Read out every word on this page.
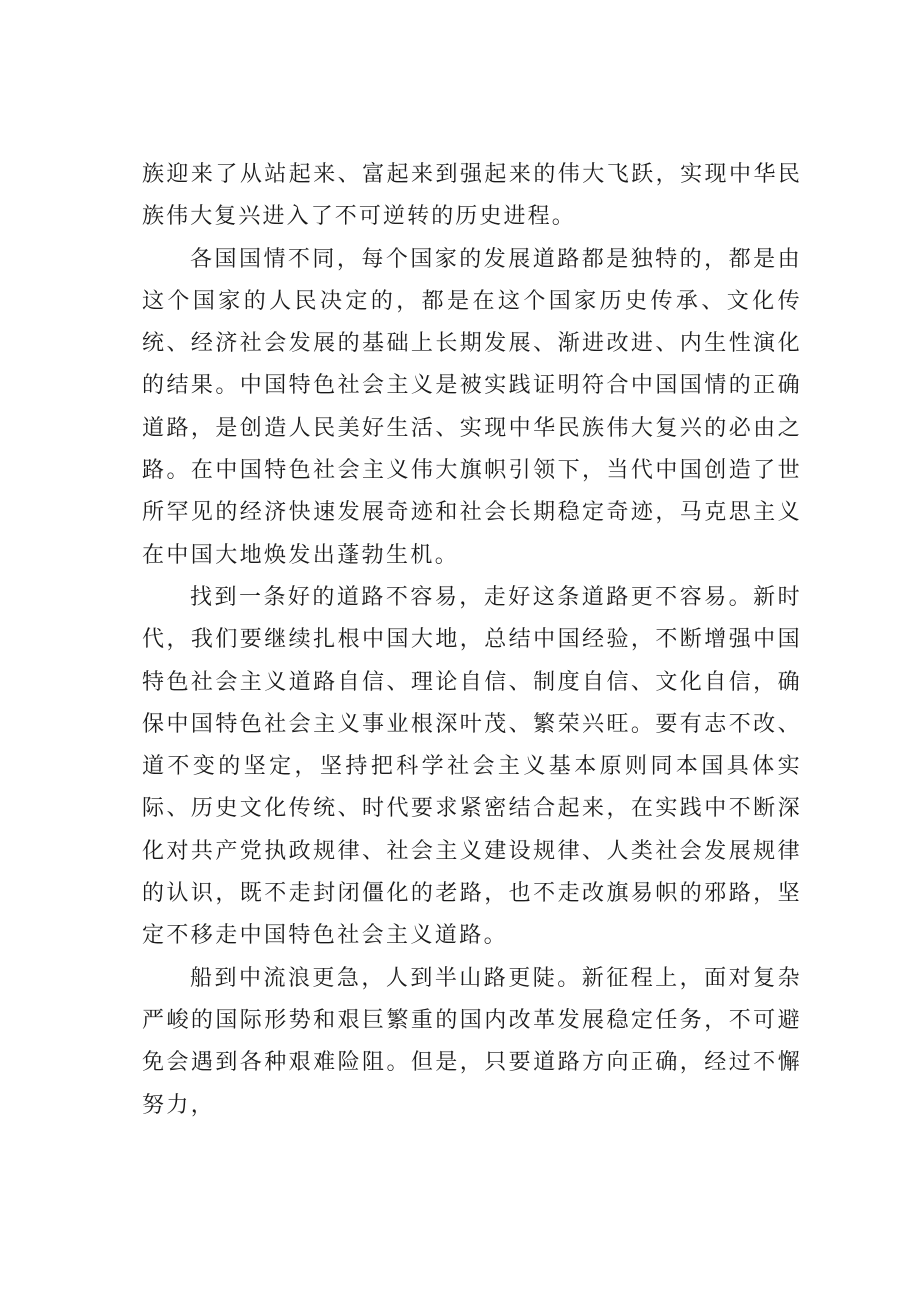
族迎来了从站起来、富起来到强起来的伟大飞跃，实现中华民族伟大复兴进入了不可逆转的历史进程。

各国国情不同，每个国家的发展道路都是独特的，都是由这个国家的人民决定的，都是在这个国家历史传承、文化传统、经济社会发展的基础上长期发展、渐进改进、内生性演化的结果。中国特色社会主义是被实践证明符合中国国情的正确道路，是创造人民美好生活、实现中华民族伟大复兴的必由之路。在中国特色社会主义伟大旗帜引领下，当代中国创造了世所罕见的经济快速发展奇迹和社会长期稳定奇迹，马克思主义在中国大地焕发出蓬勃生机。

找到一条好的道路不容易，走好这条道路更不容易。新时代，我们要继续扎根中国大地，总结中国经验，不断增强中国特色社会主义道路自信、理论自信、制度自信、文化自信，确保中国特色社会主义事业根深叶茂、繁荣兴旺。要有志不改、道不变的坚定，坚持把科学社会主义基本原则同本国具体实际、历史文化传统、时代要求紧密结合起来，在实践中不断深化对共产党执政规律、社会主义建设规律、人类社会发展规律的认识，既不走封闭僵化的老路，也不走改旗易帜的邪路，坚定不移走中国特色社会主义道路。

船到中流浪更急，人到半山路更陡。新征程上，面对复杂严峻的国际形势和艰巨繁重的国内改革发展稳定任务，不可避免会遇到各种艰难险阻。但是，只要道路方向正确，经过不懈努力，
